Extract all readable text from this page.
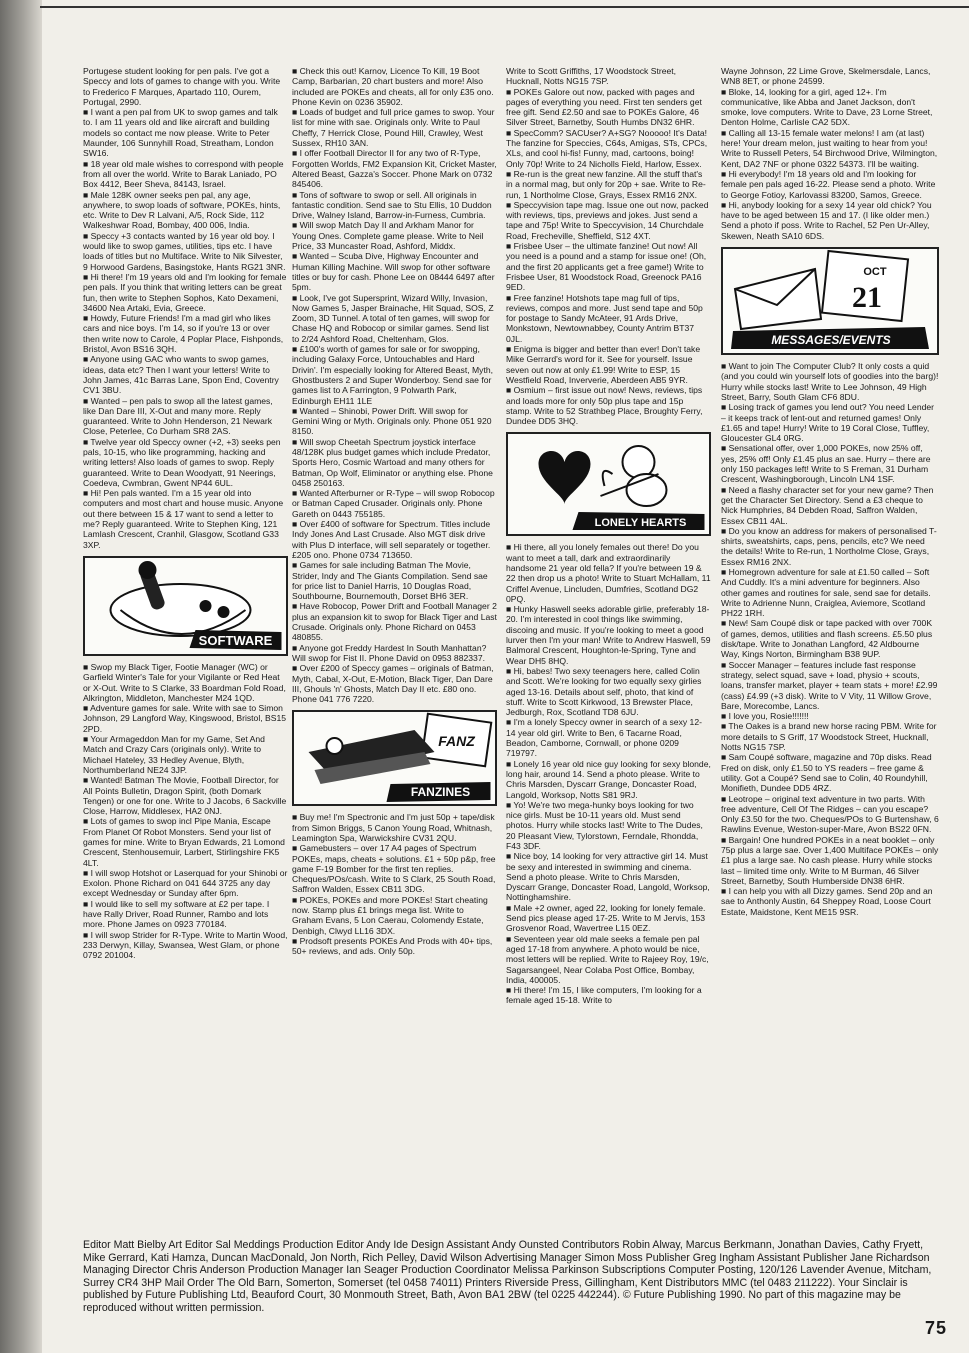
Portugese student looking for pen pals. I've got a Speccy and lots of games to change with you. Write to Frederico F Marques, Apartado 110, Ourem, Portugal, 2990.

■ I want a pen pal from UK to swop games and talk to. I am 11 years old and like aircraft and building models so contact me now please. Write to Peter Maunder, 106 Sunnyhill Road, Streatham, London SW16.

■ 18 year old male wishes to correspond with people from all over the world. Write to Barak Laniado, PO Box 4412, Beer Sheva, 84143, Israel.

■ Male 128K owner seeks pen pal, any age, anywhere, to swop loads of software, POKEs, hints, etc. Write to Dev R Lalvani, A/5, Rock Side, 112 Walkeshwar Road, Bombay, 400 006, India.

■ Speccy +3 contacts wanted by 16 year old boy. I would like to swop games, utilities, tips etc. I have loads of titles but no Multiface. Write to Nik Silvester, 9 Horwood Gardens, Basingstoke, Hants RG21 3NR.

■ Hi there! I'm 19 years old and I'm looking for female pen pals. If you think that writing letters can be great fun, then write to Stephen Sophos, Kato Dexameni, 34600 Nea Artaki, Evia, Greece.

■ Howdy, Future Friends! I'm a mad girl who likes cars and nice boys. I'm 14, so if you're 13 or over then write now to Carole, 4 Poplar Place, Fishponds, Bristol, Avon BS16 3QH.

■ Anyone using GAC who wants to swop games, ideas, data etc? Then I want your letters! Write to John James, 41c Barras Lane, Spon End, Coventry CV1 3BU.

■ Wanted – pen pals to swop all the latest games, like Dan Dare III, X-Out and many more. Reply guaranteed. Write to John Henderson, 21 Newark Close, Peterlee, Co Durham SR8 2AS.

■ Twelve year old Speccy owner (+2, +3) seeks pen pals, 10-15, who like programming, hacking and writing letters! Also loads of games to swop. Reply guaranteed. Write to Dean Woodyatt, 91 Neerings, Coedeva, Cwmbran, Gwent NP44 6UL.

■ Hi! Pen pals wanted. I'm a 15 year old into computers and most chart and house music. Anyone out there between 15 & 17 want to send a letter to me? Reply guaranteed. Write to Stephen King, 121 Lamlash Crescent, Cranhil, Glasgow, Scotland G33 3XP.

SOFTWARE

■ Swop my Black Tiger, Footie Manager (WC) or Garfield Winter's Tale for your Vigilante or Red Heat or X-Out. Write to S Clarke, 33 Boardman Fold Road, Alkrington, Middleton, Manchester M24 1QD.

■ Adventure games for sale. Write with sae to Simon Johnson, 29 Langford Way, Kingswood, Bristol, BS15 2PD.

■ Your Armageddon Man for my Game, Set And Match and Crazy Cars (originals only). Write to Michael Hateley, 33 Hedley Avenue, Blyth, Northumberland NE24 3JP.

■ Wanted! Batman The Movie, Football Director, for All Points Bulletin, Dragon Spirit, (both Domark Tengen) or one for one. Write to J Jacobs, 6 Sackville Close, Harrow, Middlesex, HA2 0NJ.

■ Lots of games to swop incl Pipe Mania, Escape From Planet Of Robot Monsters. Send your list of games for mine. Write to Bryan Edwards, 21 Lomond Crescent, Stenhousemuir, Larbert, Stirlingshire FK5 4LT.

■ I will swop Hotshot or Laserquad for your Shinobi or Exolon. Phone Richard on 041 644 3725 any day except Wednesday or Sunday after 6pm.

■ I would like to sell my software at £2 per tape. I have Rally Driver, Road Runner, Rambo and lots more. Phone James on 0923 770184.

■ I will swop Strider for R-Type. Write to Martin Wood, 233 Derwyn, Killay, Swansea, West Glam, or phone 0792 201004.

■ Check this out! Karnov, Licence To Kill, 19 Boot Camp, Barbarian, 20 chart busters and more! Also included are POKEs and cheats, all for only £35 ono. Phone Kevin on 0236 35902.

■ Loads of budget and full price games to swop. Your list for mine with sae. Originals only. Write to Paul Cheffy, 7 Herrick Close, Pound Hill, Crawley, West Sussex, RH10 3AN.

■ I offer Football Director II for any two of R-Type, Forgotten Worlds, FM2 Expansion Kit, Cricket Master, Altered Beast, Gazza's Soccer. Phone Mark on 0732 845406.

■ Tons of software to swop or sell. All originals in fantastic condition. Send sae to Stu Ellis, 10 Duddon Drive, Walney Island, Barrow-in-Furness, Cumbria.

■ Will swop Match Day II and Arkham Manor for Young Ones. Complete game please. Write to Neil Price, 33 Muncaster Road, Ashford, Middx.

■ Wanted – Scuba Dive, Highway Encounter and Human Killing Machine. Will swop for other software titles or buy for cash. Phone Lee on 08444 6497 after 5pm.

■ Look, I've got Supersprint, Wizard Willy, Invasion, Now Games 5, Jasper Brainache, Hit Squad, SOS, Z Zoom, 3D Tunnel. A total of ten games, will swop for Chase HQ and Robocop or similar games. Send list to 2/24 Ashford Road, Cheltenham, Glos.

■ £100's worth of games for sale or for swopping, including Galaxy Force, Untouchables and Hard Drivin'. I'm especially looking for Altered Beast, Myth, Ghostbusters 2 and Super Wonderboy. Send sae for games list to A Farrington, 9 Polwarth Park, Edinburgh EH11 1LE

■ Wanted – Shinobi, Power Drift. Will swop for Gemini Wing or Myth. Originals only. Phone 051 920 8150.

■ Will swop Cheetah Spectrum joystick interface 48/128K plus budget games which include Predator, Sports Hero, Cosmic Wartoad and many others for Batman, Op Wolf, Eliminator or anything else. Phone 0458 250163.

■ Wanted Afterburner or R-Type – will swop Robocop or Batman Caped Crusader. Originals only. Phone Gareth on 0443 755185.

■ Over £400 of software for Spectrum. Titles include Indy Jones And Last Crusade. Also MGT disk drive with Plus D interface, will sell separately or together. £205 ono. Phone 0734 713650.

■ Games for sale including Batman The Movie, Strider, Indy and The Giants Compilation. Send sae for price list to Daniel Harris, 10 Douglas Road, Southbourne, Bournemouth, Dorset BH6 3ER.

■ Have Robocop, Power Drift and Football Manager 2 plus an expansion kit to swop for Black Tiger and Last Crusade. Originals only. Phone Richard on 0453 480855.

■ Anyone got Freddy Hardest In South Manhattan? Will swop for Fist II. Phone David on 0953 882337.

■ Over £200 of Speccy games – originals of Batman, Myth, Cabal, X-Out, E-Motion, Black Tiger, Dan Dare III, Ghouls 'n' Ghosts, Match Day II etc. £80 ono. Phone 041 776 7220.

FANZ
FANZINES

■ Buy me! I'm Spectronic and I'm just 50p + tape/disk from Simon Briggs, 5 Canon Young Road, Whitnash, Leamington Spa, Warwickshire CV31 2QU.

■ Gamebusters – over 17 A4 pages of Spectrum POKEs, maps, cheats + solutions. £1 + 50p p&p, free game F-19 Bomber for the first ten replies. Cheques/POs/cash. Write to S Clark, 25 South Road, Saffron Walden, Essex CB11 3DG.

■ POKEs, POKEs and more POKEs! Start cheating now. Stamp plus £1 brings mega list. Write to Graham Evans, 5 Lon Caerau, Colomendy Estate, Denbigh, Clwyd LL16 3DX.

■ Prodsoft presents POKEs And Prods with 40+ tips, 50+ reviews, and ads. Only 50p.

Write to Scott Griffiths, 17 Woodstock Street, Hucknall, Notts NG15 7SP.

■ POKEs Galore out now, packed with pages and pages of everything you need. First ten senders get free gift. Send £2.50 and sae to POKEs Galore, 46 Silver Street, Barnetby, South Humbs DN32 6HR.

■ SpecComm? SACUser? A+SG? Nooooo! It's Data! The fanzine for Speccies, C64s, Amigas, STs, CPCs, XLs, and cool hi-fis! Funny, mad, cartoons, boing! Only 70p! Write to 24 Nicholls Field, Harlow, Essex.

■ Re-run is the great new fanzine. All the stuff that's in a normal mag, but only for 20p + sae. Write to Re-run, 1 Northolme Close, Grays, Essex RM16 2NX.

■ Speccyvision tape mag. Issue one out now, packed with reviews, tips, previews and jokes. Just send a tape and 75p! Write to Speccyvision, 14 Churchdale Road, Frecheville, Sheffield, S12 4XT.

■ Frisbee User – the ultimate fanzine! Out now! All you need is a pound and a stamp for issue one! (Oh, and the first 20 applicants get a free game!) Write to Frisbee User, 81 Woodstock Road, Greenock PA16 9ED.

■ Free fanzine! Hotshots tape mag full of tips, reviews, compos and more. Just send tape and 50p for postage to Sandy McAteer, 91 Ards Drive, Monkstown, Newtownabbey, County Antrim BT37 0JL.

■ Enigma is bigger and better than ever! Don't take Mike Gerrard's word for it. See for yourself. Issue seven out now at only £1.99! Write to ESP, 15 Westfield Road, Inververie, Aberdeen AB5 9YR.

■ Osmium – first issue out now! News, reviews, tips and loads more for only 50p plus tape and 15p stamp. Write to 52 Strathbeg Place, Broughty Ferry, Dundee DD5 3HQ.

LONELY HEARTS

■ Hi there, all you lonely females out there! Do you want to meet a tall, dark and extraordinarily handsome 21 year old fella? If you're between 19 & 22 then drop us a photo! Write to Stuart McHallam, 11 Criffel Avenue, Lincluden, Dumfries, Scotland DG2 0PQ.

■ Hunky Haswell seeks adorable girlie, preferably 18-20. I'm interested in cool things like swimming, discoing and music. If you're looking to meet a good lurver then I'm your man! Write to Andrew Haswell, 59 Balmoral Crescent, Houghton-le-Spring, Tyne and Wear DH5 8HQ.

■ Hi, babes! Two sexy teenagers here, called Colin and Scott. We're looking for two equally sexy girlies aged 13-16. Details about self, photo, that kind of stuff. Write to Scott Kirkwood, 13 Brewster Place, Jedburgh, Rox, Scotland TD8 6JU.

■ I'm a lonely Speccy owner in search of a sexy 12-14 year old girl. Write to Ben, 6 Tacarne Road, Beadon, Camborne, Cornwall, or phone 0209 719797.

■ Lonely 16 year old nice guy looking for sexy blonde, long hair, around 14. Send a photo please. Write to Chris Marsden, Dyscarr Grange, Doncaster Road, Langold, Worksop, Notts S81 9RJ.

■ Yo! We're two mega-hunky boys looking for two nice girls. Must be 10-11 years old. Must send photos. Hurry while stocks last! Write to The Dudes, 20 Pleasant View, Tylorstown, Ferndale, Rhondda, F43 3DF.

■ Nice boy, 14 looking for very attractive girl 14. Must be sexy and interested in swimming and cinema. Send a photo please. Write to Chris Marsden, Dyscarr Grange, Doncaster Road, Langold, Worksop, Nottinghamshire.

■ Male +2 owner, aged 22, looking for lonely female. Send pics please aged 17-25. Write to M Jervis, 153 Grosvenor Road, Wavertree L15 0EZ.

■ Seventeen year old male seeks a female pen pal aged 17-18 from anywhere. A photo would be nice, most letters will be replied. Write to Rajeey Roy, 19/c, Sagarsangeel, Near Colaba Post Office, Bombay, India, 400005.

■ Hi there! I'm 15, I like computers, I'm looking for a female aged 15-18. Write to

Wayne Johnson, 22 Lime Grove, Skelmersdale, Lancs, WN8 8ET, or phone 24599.

■ Bloke, 14, looking for a girl, aged 12+. I'm communicative, like Abba and Janet Jackson, don't smoke, love computers. Write to Dave, 23 Lorne Street, Denton Holme, Carlisle CA2 5DX.

■ Calling all 13-15 female water melons! I am (at last) here! Your dream melon, just waiting to hear from you! Write to Russell Peters, 54 Birchwood Drive, Wilmington, Kent, DA2 7NF or phone 0322 54373. I'll be waiting.

■ Hi everybody! I'm 18 years old and I'm looking for female pen pals aged 16-22. Please send a photo. Write to George Fotioy, Karlovassi 83200, Samos, Greece.

■ Hi, anybody looking for a sexy 14 year old chick? You have to be aged between 15 and 17. (I like older men.) Send a photo if poss. Write to Rachel, 52 Pen Ur-Alley, Skewen, Neath SA10 6DS.

OCT
21
MESSAGES/EVENTS

■ Want to join The Computer Club? It only costs a quid (and you could win yourself lots of goodies into the barg)! Hurry while stocks last! Write to Lee Johnson, 49 High Street, Barry, South Glam CF6 8DU.

■ Losing track of games you lend out? You need Lender – it keeps track of lent-out and returned games! Only £1.65 and tape! Hurry! Write to 19 Coral Close, Tuffley, Gloucester GL4 0RG.

■ Sensational offer, over 1,000 POKEs, now 25% off, yes, 25% off! Only £1.45 plus an sae. Hurry – there are only 150 packages left! Write to S Freman, 31 Durham Crescent, Washingborough, Lincoln LN4 1SF.

■ Need a flashy character set for your new game? Then get the Character Set Directory. Send a £3 cheque to Nick Humphries, 84 Debden Road, Saffron Walden, Essex CB11 4AL.

■ Do you know an address for makers of personalised T-shirts, sweatshirts, caps, pens, pencils, etc? We need the details! Write to Re-run, 1 Northolme Close, Grays, Essex RM16 2NX.

■ Homegrown adventure for sale at £1.50 called – Soft And Cuddly. It's a mini adventure for beginners. Also other games and routines for sale, send sae for details. Write to Adrienne Nunn, Craiglea, Aviemore, Scotland PH22 1RH.

■ New! Sam Coupé disk or tape packed with over 700K of games, demos, utilities and flash screens. £5.50 plus disk/tape. Write to Jonathan Langford, 42 Aldbourne Way, Kings Norton, Birmingham B38 9UP.

■ Soccer Manager – features include fast response strategy, select squad, save + load, physio + scouts, loans, transfer market, player + team stats + more! £2.99 (cass) £4.99 (+3 disk). Write to V Vity, 11 Willow Grove, Bare, Morecombe, Lancs.

■ I love you, Rosie!!!!!!!

■ The Oakes is a brand new horse racing PBM. Write for more details to S Griff, 17 Woodstock Street, Hucknall, Notts NG15 7SP.

■ Sam Coupé software, magazine and 70p disks. Read Fred on disk, only £1.50 to YS readers – free game & utility. Got a Coupé? Send sae to Colin, 40 Roundyhill, Monifieth, Dundee DD5 4RZ.

■ Leotrope – original text adventure in two parts. With free adventure, Cell Of The Ridges – can you escape? Only £3.50 for the two. Cheques/POs to G Burtenshaw, 6 Rawlins Evenue, Weston-super-Mare, Avon BS22 0FN.

■ Bargain! One hundred POKEs in a neat booklet – only 75p plus a large sae. Over 1,400 Multiface POKEs – only £1 plus a large sae. No cash please. Hurry while stocks last – limited time only. Write to M Burman, 46 Silver Street, Barnetby, South Humberside DN38 6HR.

■ I can help you with all Dizzy games. Send 20p and an sae to Anthonly Austin, 64 Sheppey Road, Loose Court Estate, Maidstone, Kent ME15 9SR.

Editor Matt Bielby Art Editor Sal Meddings Production Editor Andy Ide Design Assistant Andy Ounsted Contributors Robin Alway, Marcus Berkmann, Jonathan Davies, Cathy Fryett, Mike Gerrard, Kati Hamza, Duncan MacDonald, Jon North, Rich Pelley, David Wilson Advertising Manager Simon Moss Publisher Greg Ingham Assistant Publisher Jane Richardson Managing Director Chris Anderson Production Manager Ian Seager Production Coordinator Melissa Parkinson Subscriptions Computer Posting, 120/126 Lavender Avenue, Mitcham, Surrey CR4 3HP Mail Order The Old Barn, Somerton, Somerset (tel 0458 74011) Printers Riverside Press, Gillingham, Kent Distributors MMC (tel 0483 211222). Your Sinclair is published by Future Publishing Ltd, Beauford Court, 30 Monmouth Street, Bath, Avon BA1 2BW (tel 0225 442244). © Future Publishing 1990. No part of this magazine may be reproduced without written permission.

75
